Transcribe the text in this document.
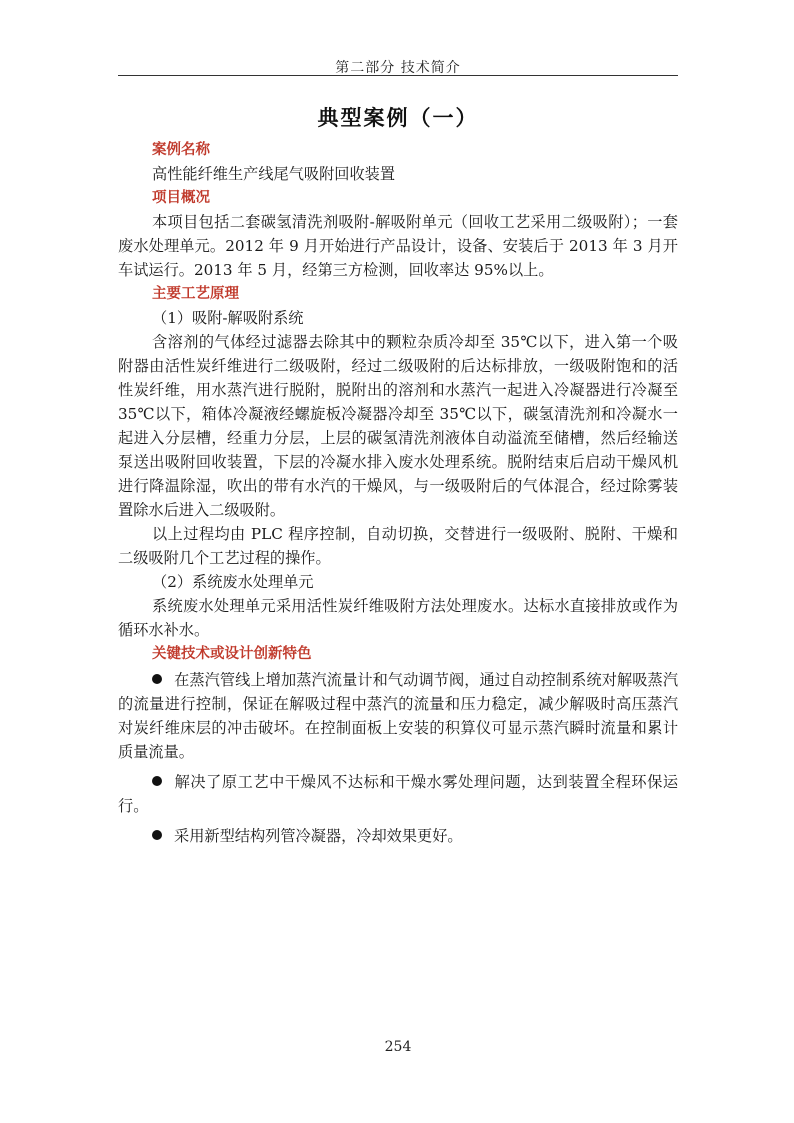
第二部分 技术简介
典型案例（一）
案例名称
高性能纤维生产线尾气吸附回收装置
项目概况
本项目包括二套碳氢清洗剂吸附-解吸附单元（回收工艺采用二级吸附）；一套废水处理单元。2012 年 9 月开始进行产品设计，设备、安装后于 2013 年 3 月开车试运行。2013 年 5 月，经第三方检测，回收率达 95%以上。
主要工艺原理
（1）吸附-解吸附系统
含溶剂的气体经过滤器去除其中的颗粒杂质冷却至 35℃以下，进入第一个吸附器由活性炭纤维进行二级吸附，经过二级吸附的后达标排放，一级吸附饱和的活性炭纤维，用水蒸汽进行脱附，脱附出的溶剂和水蒸汽一起进入冷凝器进行冷凝至 35℃以下，箱体冷凝液经螺旋板冷凝器冷却至 35℃以下，碳氢清洗剂和冷凝水一起进入分层槽，经重力分层，上层的碳氢清洗剂液体自动溢流至储槽，然后经输送泵送出吸附回收装置，下层的冷凝水排入废水处理系统。脱附结束后启动干燥风机进行降温除湿，吹出的带有水汽的干燥风，与一级吸附后的气体混合，经过除雾装置除水后进入二级吸附。
以上过程均由 PLC 程序控制，自动切换，交替进行一级吸附、脱附、干燥和二级吸附几个工艺过程的操作。
（2）系统废水处理单元
系统废水处理单元采用活性炭纤维吸附方法处理废水。达标水直接排放或作为循环水补水。
关键技术或设计创新特色
在蒸汽管线上增加蒸汽流量计和气动调节阀，通过自动控制系统对解吸蒸汽的流量进行控制，保证在解吸过程中蒸汽的流量和压力稳定，减少解吸时高压蒸汽对炭纤维床层的冲击破坏。在控制面板上安装的积算仪可显示蒸汽瞬时流量和累计质量流量。
解决了原工艺中干燥风不达标和干燥水雾处理问题，达到装置全程环保运行。
采用新型结构列管冷凝器，冷却效果更好。
254
